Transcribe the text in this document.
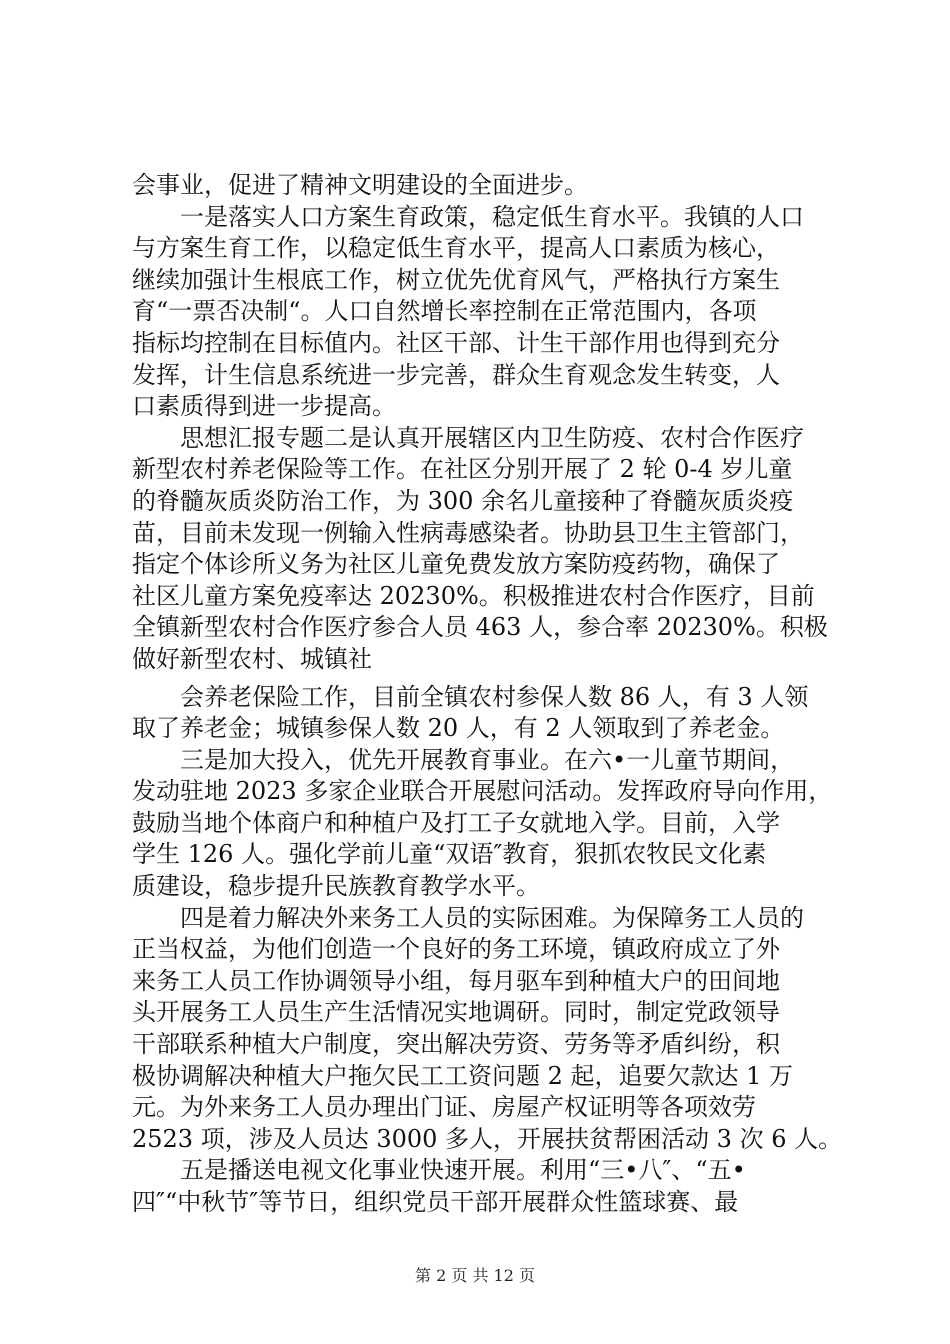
会事业，促进了精神文明建设的全面进步。
一是落实人口方案生育政策，稳定低生育水平。我镇的人口
与方案生育工作，以稳定低生育水平，提高人口素质为核心，
继续加强计生根底工作，树立优先优育风气，严格执行方案生
育“一票否决制“。人口自然增长率控制在正常范围内，各项
指标均控制在目标值内。社区干部、计生干部作用也得到充分
发挥，计生信息系统进一步完善，群众生育观念发生转变，人
口素质得到进一步提高。
思想汇报专题二是认真开展辖区内卫生防疫、农村合作医疗
新型农村养老保险等工作。在社区分别开展了 2 轮 0-4 岁儿童
的脊髓灰质炎防治工作，为 300 余名儿童接种了脊髓灰质炎疫
苗，目前未发现一例输入性病毒感染者。协助县卫生主管部门，
指定个体诊所义务为社区儿童免费发放方案防疫药物，确保了
社区儿童方案免疫率达 20230%。积极推进农村合作医疗，目前
全镇新型农村合作医疗参合人员 463 人，参合率 20230%。积极
做好新型农村、城镇社
会养老保险工作，目前全镇农村参保人数 86 人，有 3 人领
取了养老金；城镇参保人数 20 人，有 2 人领取到了养老金。
三是加大投入，优先开展教育事业。在六•一儿童节期间，
发动驻地 2023 多家企业联合开展慰问活动。发挥政府导向作用，
鼓励当地个体商户和种植户及打工子女就地入学。目前，入学
学生 126 人。强化学前儿童“双语″教育，狠抓农牧民文化素
质建设，稳步提升民族教育教学水平。
四是着力解决外来务工人员的实际困难。为保障务工人员的
正当权益，为他们创造一个良好的务工环境，镇政府成立了外
来务工人员工作协调领导小组，每月驱车到种植大户的田间地
头开展务工人员生产生活情况实地调研。同时，制定党政领导
干部联系种植大户制度，突出解决劳资、劳务等矛盾纠纷，积
极协调解决种植大户拖欠民工工资问题 2 起，追要欠款达 1 万
元。为外来务工人员办理出门证、房屋产权证明等各项效劳
2523 项，涉及人员达 3000 多人，开展扶贫帮困活动 3 次 6 人。
五是播送电视文化事业快速开展。利用“三•八″、“五•
四″“中秋节″等节日，组织党员干部开展群众性篮球赛、最
第 2 页 共 12 页
